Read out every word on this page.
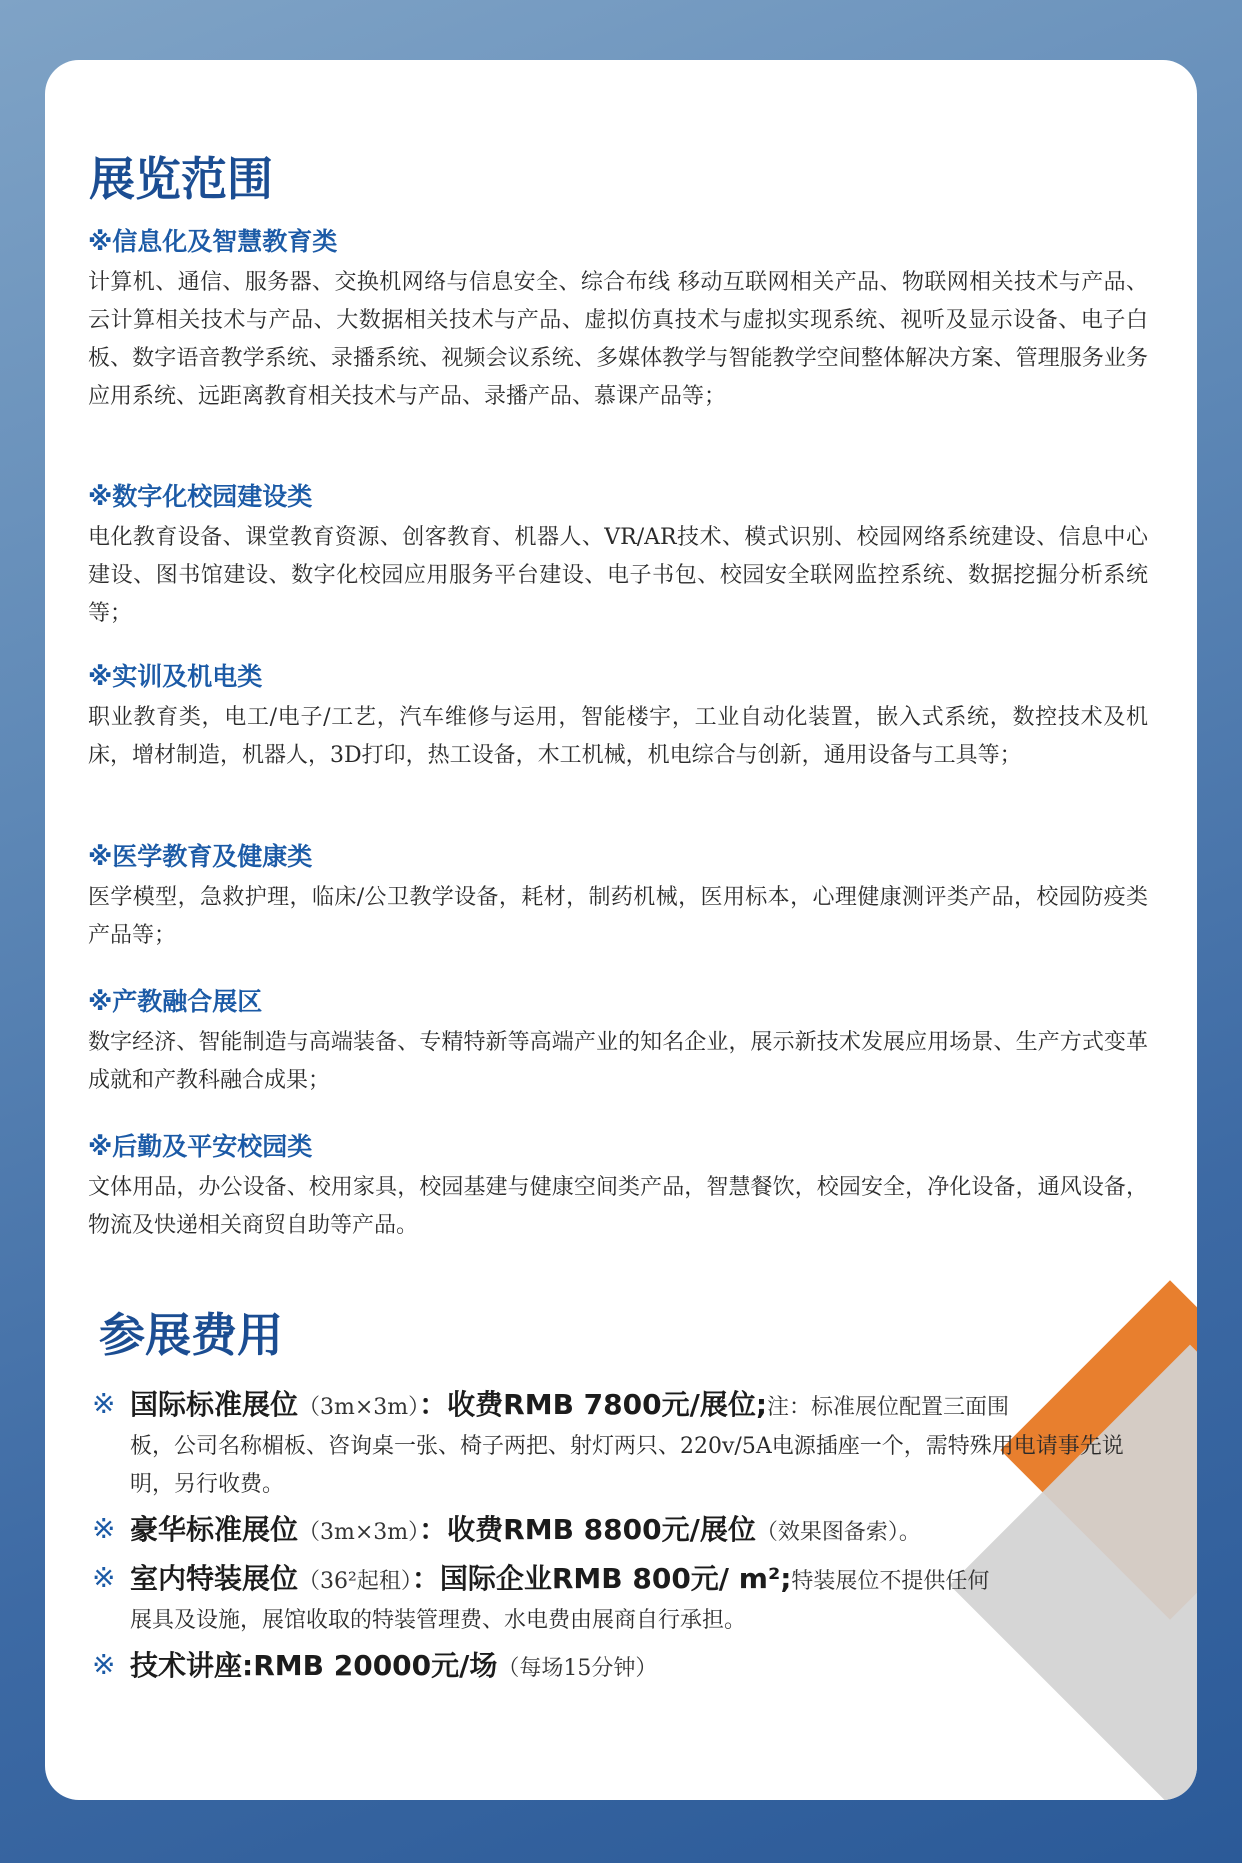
展览范围

※信息化及智慧教育类

计算机、通信、服务器、交换机网络与信息安全、综合布线 移动互联网相关产品、物联网相关技术与产品、云计算相关技术与产品、大数据相关技术与产品、虚拟仿真技术与虚拟实现系统、视听及显示设备、电子白板、数字语音教学系统、录播系统、视频会议系统、多媒体教学与智能教学空间整体解决方案、管理服务业务应用系统、远距离教育相关技术与产品、录播产品、慕课产品等；

※数字化校园建设类

电化教育设备、课堂教育资源、创客教育、机器人、VR/AR技术、模式识别、校园网络系统建设、信息中心建设、图书馆建设、数字化校园应用服务平台建设、电子书包、校园安全联网监控系统、数据挖掘分析系统等；

※实训及机电类

职业教育类，电工/电子/工艺，汽车维修与运用，智能楼宇，工业自动化装置，嵌入式系统，数控技术及机床，增材制造，机器人，3D打印，热工设备，木工机械，机电综合与创新，通用设备与工具等；

※医学教育及健康类

医学模型，急救护理，临床/公卫教学设备，耗材，制药机械，医用标本，心理健康测评类产品，校园防疫类产品等；

※产教融合展区

数字经济、智能制造与高端装备、专精特新等高端产业的知名企业，展示新技术发展应用场景、生产方式变革成就和产教科融合成果；

※后勤及平安校园类

文体用品，办公设备、校用家具，校园基建与健康空间类产品，智慧餐饮，校园安全，净化设备，通风设备，物流及快递相关商贸自助等产品。

参展费用
※ 国际标准展位（3m×3m）：收费RMB 7800元/展位;注：标准展位配置三面围
板，公司名称楣板、咨询桌一张、椅子两把、射灯两只、220v/5A电源插座一个，需特殊用电请事先说明，另行收费。
※ 豪华标准展位（3m×3m）：收费RMB 8800元/展位（效果图备索）。
※ 室内特装展位（36²起租）：国际企业RMB 800元/ m²;特装展位不提供任何
展具及设施，展馆收取的特装管理费、水电费由展商自行承担。
※ 技术讲座:RMB 20000元/场（每场15分钟）
